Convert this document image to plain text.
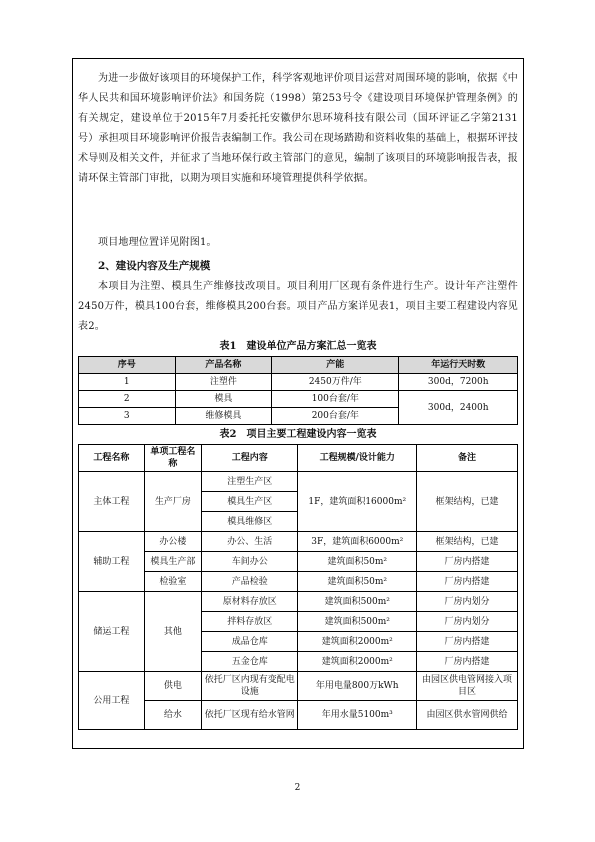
为进一步做好该项目的环境保护工作，科学客观地评价项目运营对周围环境的影响，依据《中华人民共和国环境影响评价法》和国务院（1998）第253号令《建设项目环境保护管理条例》的有关规定，建设单位于2015年7月委托托安徽伊尔思环境科技有限公司（国环评证乙字第2131号）承担项目环境影响评价报告表编制工作。我公司在现场踏勘和资料收集的基础上，根据环评技术导则及相关文件，并征求了当地环保行政主管部门的意见，编制了该项目的环境影响报告表，报请环保主管部门审批，以期为项目实施和环境管理提供科学依据。

项目地理位置详见附图1。

2、建设内容及生产规模

本项目为注塑、模具生产维修技改项目。项目利用厂区现有条件进行生产。设计年产注塑件2450万件，模具100台套，维修模具200台套。项目产品方案详见表1，项目主要工程建设内容见表2。

表1　建设单位产品方案汇总一览表
序号	产品名称	产能	年运行天时数
1	注塑件	2450万件/年	300d，7200h
2	模具	100台套/年	300d，2400h
3	维修模具	200台套/年	
表2　项目主要工程建设内容一览表
工程名称	单项工程名称	工程内容	工程规模/设计能力	备注
主体工程	生产厂房	注塑生产区	1F，建筑面积16000m²	框架结构，已建
		模具生产区		
		模具维修区		
辅助工程	办公楼	办公、生活	3F，建筑面积6000m²	框架结构，已建
	模具生产部	车间办公	建筑面积50m²	厂房内搭建
	检验室	产品检验	建筑面积50m²	厂房内搭建
储运工程	其他	原材料存放区	建筑面积500m²	厂房内划分
		拌料存放区	建筑面积500m²	厂房内划分
		成品仓库	建筑面积2000m²	厂房内搭建
		五金仓库	建筑面积2000m²	厂房内搭建
公用工程	供电	依托厂区内现有变配电设施	年用电量800万kWh	由园区供电管网接入项目区
	给水	依托厂区现有给水管网	年用水量5100m³	由园区供水管网供给
2
